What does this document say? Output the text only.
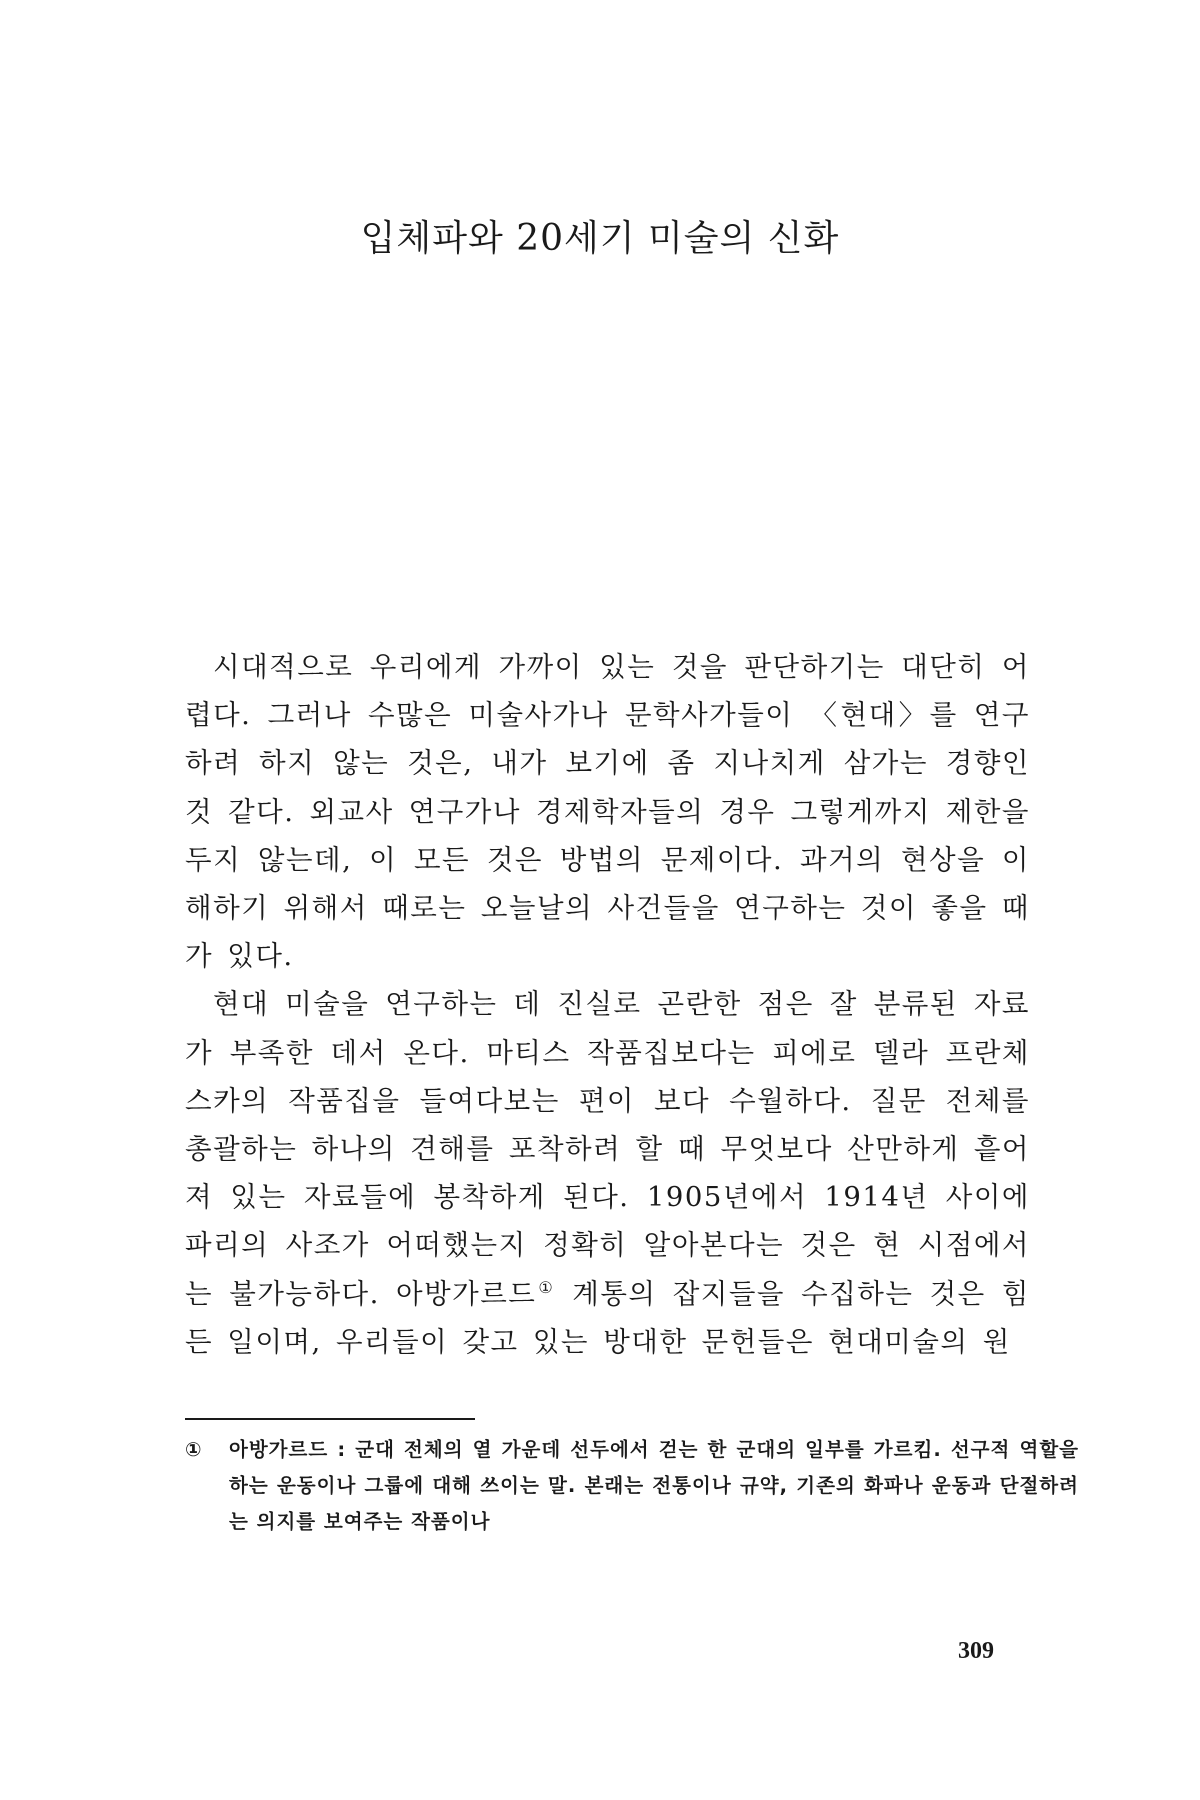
입체파와 20세기 미술의 신화

시대적으로 우리에게 가까이 있는 것을 판단하기는 대단히 어렵다. 그러나 수많은 미술사가나 문학사가들이 〈현대〉를 연구하려 하지 않는 것은, 내가 보기에 좀 지나치게 삼가는 경향인 것 같다. 외교사 연구가나 경제학자들의 경우 그렇게까지 제한을 두지 않는데, 이 모든 것은 방법의 문제이다. 과거의 현상을 이해하기 위해서 때로는 오늘날의 사건들을 연구하는 것이 좋을 때가 있다.

현대 미술을 연구하는 데 진실로 곤란한 점은 잘 분류된 자료가 부족한 데서 온다. 마티스 작품집보다는 피에로 델라 프란체스카의 작품집을 들여다보는 편이 보다 수월하다. 질문 전체를 총괄하는 하나의 견해를 포착하려 할 때 무엇보다 산만하게 흩어져 있는 자료들에 봉착하게 된다. 1905년에서 1914년 사이에 파리의 사조가 어떠했는지 정확히 알아본다는 것은 현 시점에서는 불가능하다. 아방가르드① 계통의 잡지들을 수집하는 것은 힘든 일이며, 우리들이 갖고 있는 방대한 문헌들은 현대미술의 원

① 아방가르드 : 군대 전체의 열 가운데 선두에서 걷는 한 군대의 일부를 가르킴. 선구적 역할을 하는 운동이나 그룹에 대해 쓰이는 말. 본래는 전통이나 규약, 기존의 화파나 운동과 단절하려는 의지를 보여주는 작품이나

309
